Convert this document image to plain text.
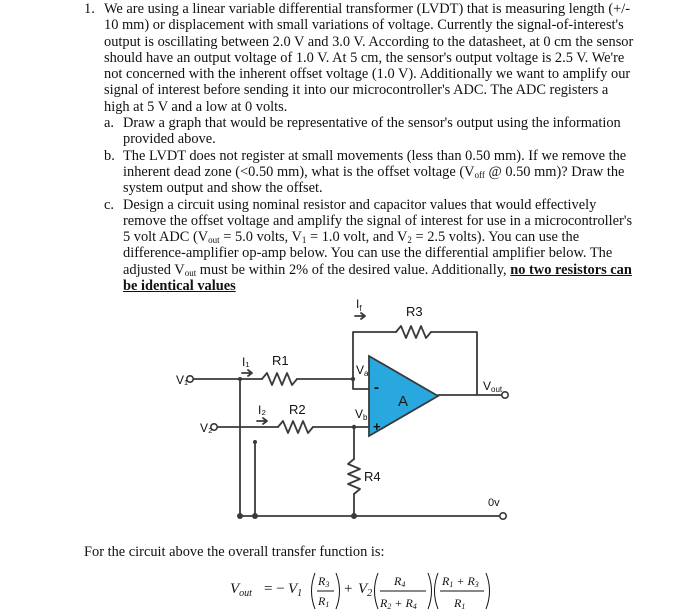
1. We are using a linear variable differential transformer (LVDT) that is measuring length (+/- 10 mm) or displacement with small variations of voltage. Currently the signal-of-interest's output is oscillating between 2.0 V and 3.0 V. According to the datasheet, at 0 cm the sensor should have an output voltage of 1.0 V. At 5 cm, the sensor's output voltage is 2.5 V. We're not concerned with the inherent offset voltage (1.0 V). Additionally we want to amplify our signal of interest before sending it into our microcontroller's ADC. The ADC registers a high at 5 V and a low at 0 volts.

a. Draw a graph that would be representative of the sensor's output using the information provided above.

b. The LVDT does not register at small movements (less than 0.50 mm). If we remove the inherent dead zone (<0.50 mm), what is the offset voltage ($V_{off}$ @ 0.50 mm)? Draw the system output and show the offset.

c. Design a circuit using nominal resistor and capacitor values that would effectively remove the offset voltage and amplify the signal of interest for use in a microcontroller's 5 volt ADC ($V_{out} = 5.0$ volts, $V_1 = 1.0$ volt, and $V_2 = 2.5$ volts). You can use the difference-amplifier op-amp below. You can use the differential amplifier below. The adjusted $V_{out}$ must be within 2% of the desired value. Additionally, no two resistors can be identical values

A
-
+
V₁
V₂
I₁
I₂
$I_f$
R1
R2
R3
R4
Va
Vb
Vout
0v
For the circuit above the overall transfer function is:
$V_{out}$ = − $V_1$
R3
R1
+ $V_2$
R4
R2 + R4
R1 + R3
R1
